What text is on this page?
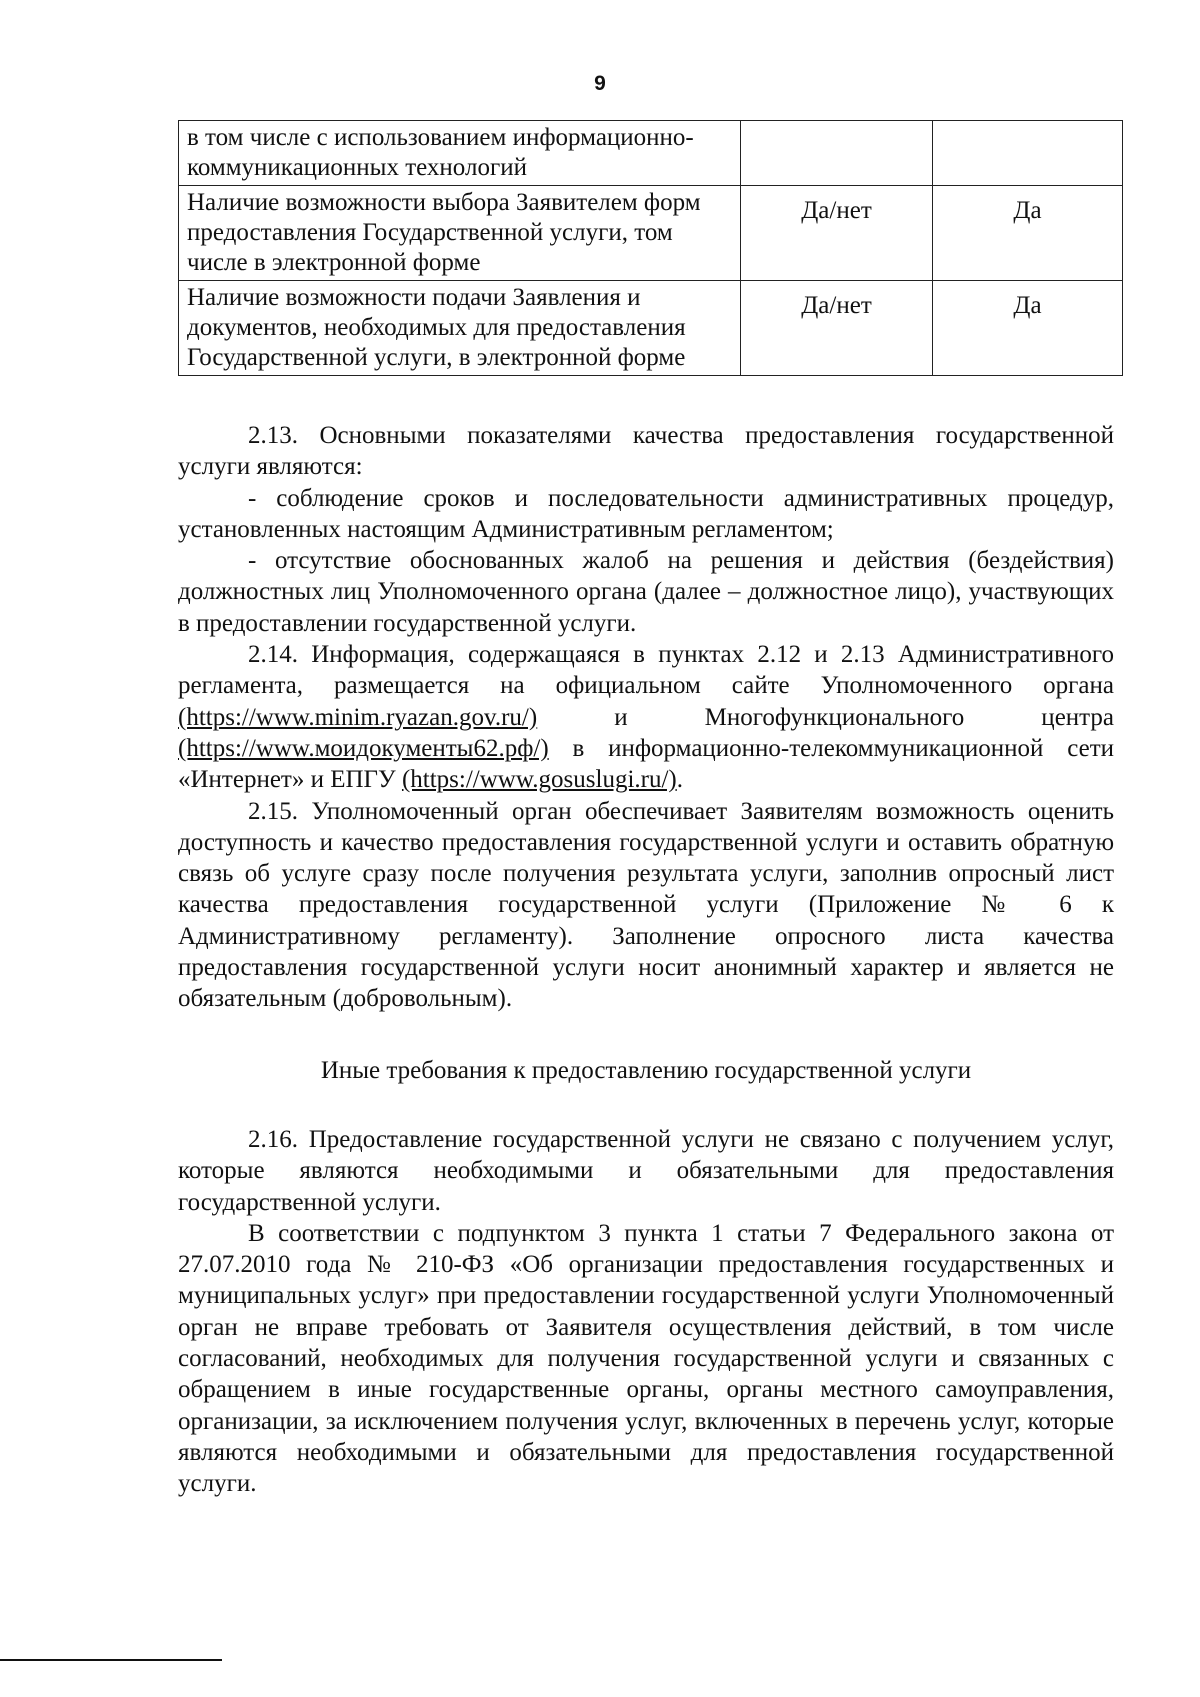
9
в том числе с использованием информационно-коммуникационных технологий		
Наличие возможности выбора Заявителем форм предоставления Государственной услуги, том числе в электронной форме	Да/нет	Да
Наличие возможности подачи Заявления и документов, необходимых для предоставления Государственной услуги, в электронной форме	Да/нет	Да

2.13. Основными показателями качества предоставления государственной услуги являются:

- соблюдение сроков и последовательности административных процедур, установленных настоящим Административным регламентом;

- отсутствие обоснованных жалоб на решения и действия (бездействия) должностных лиц Уполномоченного органа (далее – должностное лицо), участвующих в предоставлении государственной услуги.

2.14. Информация, содержащаяся в пунктах 2.12 и 2.13 Административного регламента, размещается на официальном сайте Уполномоченного органа (https://www.minim.ryazan.gov.ru/)	и Многофункционального центра (https://www.моидокументы62.рф/) в информационно-телекоммуникационной сети «Интернет» и ЕПГУ (https://www.gosuslugi.ru/).

2.15. Уполномоченный орган обеспечивает Заявителям возможность оценить доступность и качество предоставления государственной услуги и оставить обратную связь об услуге сразу после получения результата услуги, заполнив опросный лист качества предоставления государственной услуги (Приложение № 6 к Административному регламенту). Заполнение опросного листа качества предоставления государственной услуги носит анонимный характер и является не обязательным (добровольным).

Иные требования к предоставлению государственной услуги

2.16. Предоставление государственной услуги не связано с получением услуг, которые являются необходимыми и обязательными для предоставления государственной услуги.

В соответствии с подпунктом 3 пункта 1 статьи 7 Федерального закона от 27.07.2010 года № 210-ФЗ «Об организации предоставления государственных и муниципальных услуг» при предоставлении государственной услуги Уполномоченный орган не вправе требовать от Заявителя осуществления действий, в том числе согласований, необходимых для получения государственной услуги и связанных с обращением в иные государственные органы, органы местного самоуправления, организации, за исключением получения услуг, включенных в перечень услуг, которые являются необходимыми и обязательными для предоставления государственной услуги.
